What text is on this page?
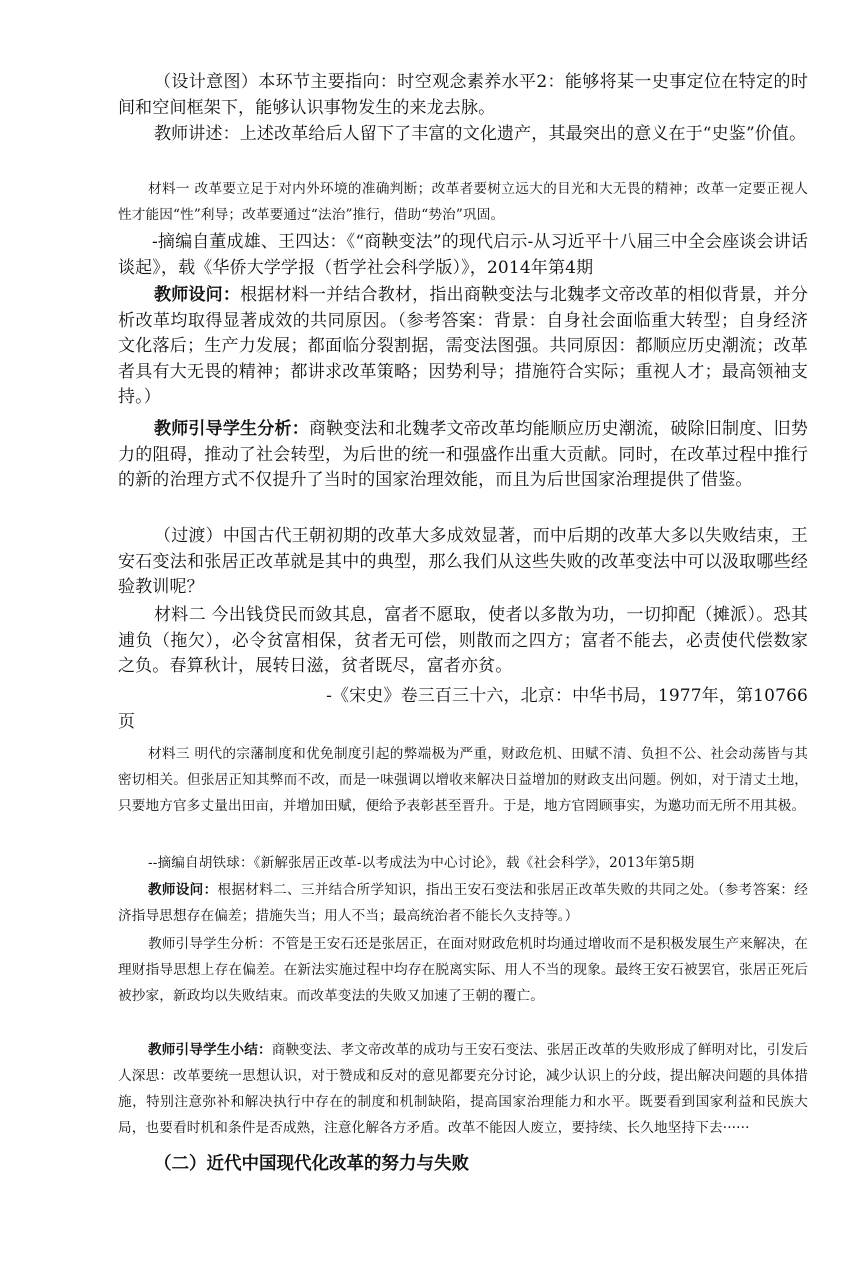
（设计意图）本环节主要指向：时空观念素养水平2：能够将某一史事定位在特定的时间和空间框架下，能够认识事物发生的来龙去脉。

教师讲述：上述改革给后人留下了丰富的文化遗产，其最突出的意义在于“史鉴”价值。

材料一 改革要立足于对内外环境的准确判断；改革者要树立远大的目光和大无畏的精神；改革一定要正视人性才能因“性”利导；改革要通过“法治”推行，借助“势治”巩固。

-摘编自董成雄、王四达：《“商鞅变法”的现代启示-从习近平十八届三中全会座谈会讲话谈起》，载《华侨大学学报（哲学社会科学版）》，2014年第4期

教师设问：根据材料一并结合教材，指出商鞅变法与北魏孝文帝改革的相似背景，并分析改革均取得显著成效的共同原因。（参考答案：背景：自身社会面临重大转型；自身经济文化落后；生产力发展；都面临分裂割据，需变法图强。共同原因：都顺应历史潮流；改革者具有大无畏的精神；都讲求改革策略；因势利导；措施符合实际；重视人才；最高领袖支持。）

教师引导学生分析：商鞅变法和北魏孝文帝改革均能顺应历史潮流，破除旧制度、旧势力的阻碍，推动了社会转型，为后世的统一和强盛作出重大贡献。同时，在改革过程中推行的新的治理方式不仅提升了当时的国家治理效能，而且为后世国家治理提供了借鉴。

（过渡）中国古代王朝初期的改革大多成效显著，而中后期的改革大多以失败结束，王安石变法和张居正改革就是其中的典型，那么我们从这些失败的改革变法中可以汲取哪些经验教训呢？

材料二 今出钱贷民而敛其息，富者不愿取，使者以多散为功，一切抑配（摊派）。恐其逋负（拖欠），必令贫富相保，贫者无可偿，则散而之四方；富者不能去，必责使代偿数家之负。春算秋计，展转日滋，贫者既尽，富者亦贫。

-《宋史》卷三百三十六，北京：中华书局，1977年，第10766

页

材料三 明代的宗藩制度和优免制度引起的弊端极为严重，财政危机、田赋不清、负担不公、社会动荡皆与其密切相关。但张居正知其弊而不改，而是一味强调以增收来解决日益增加的财政支出问题。例如，对于清丈土地，只要地方官多丈量出田亩，并增加田赋，便给予表彰甚至晋升。于是，地方官罔顾事实，为邀功而无所不用其极。

--摘编自胡铁球：《新解张居正改革-以考成法为中心讨论》，载《社会科学》，2013年第5期

教师设问：根据材料二、三并结合所学知识，指出王安石变法和张居正改革失败的共同之处。（参考答案：经济指导思想存在偏差；措施失当；用人不当；最高统治者不能长久支持等。）

教师引导学生分析：不管是王安石还是张居正，在面对财政危机时均通过增收而不是积极发展生产来解决，在理财指导思想上存在偏差。在新法实施过程中均存在脱离实际、用人不当的现象。最终王安石被罢官，张居正死后被抄家，新政均以失败结束。而改革变法的失败又加速了王朝的覆亡。

教师引导学生小结：商鞅变法、孝文帝改革的成功与王安石变法、张居正改革的失败形成了鲜明对比，引发后人深思：改革要统一思想认识，对于赞成和反对的意见都要充分讨论，减少认识上的分歧，提出解决问题的具体措施，特别注意弥补和解决执行中存在的制度和机制缺陷，提高国家治理能力和水平。既要看到国家利益和民族大局，也要看时机和条件是否成熟，注意化解各方矛盾。改革不能因人废立，要持续、长久地坚持下去······

（二）近代中国现代化改革的努力与失败
